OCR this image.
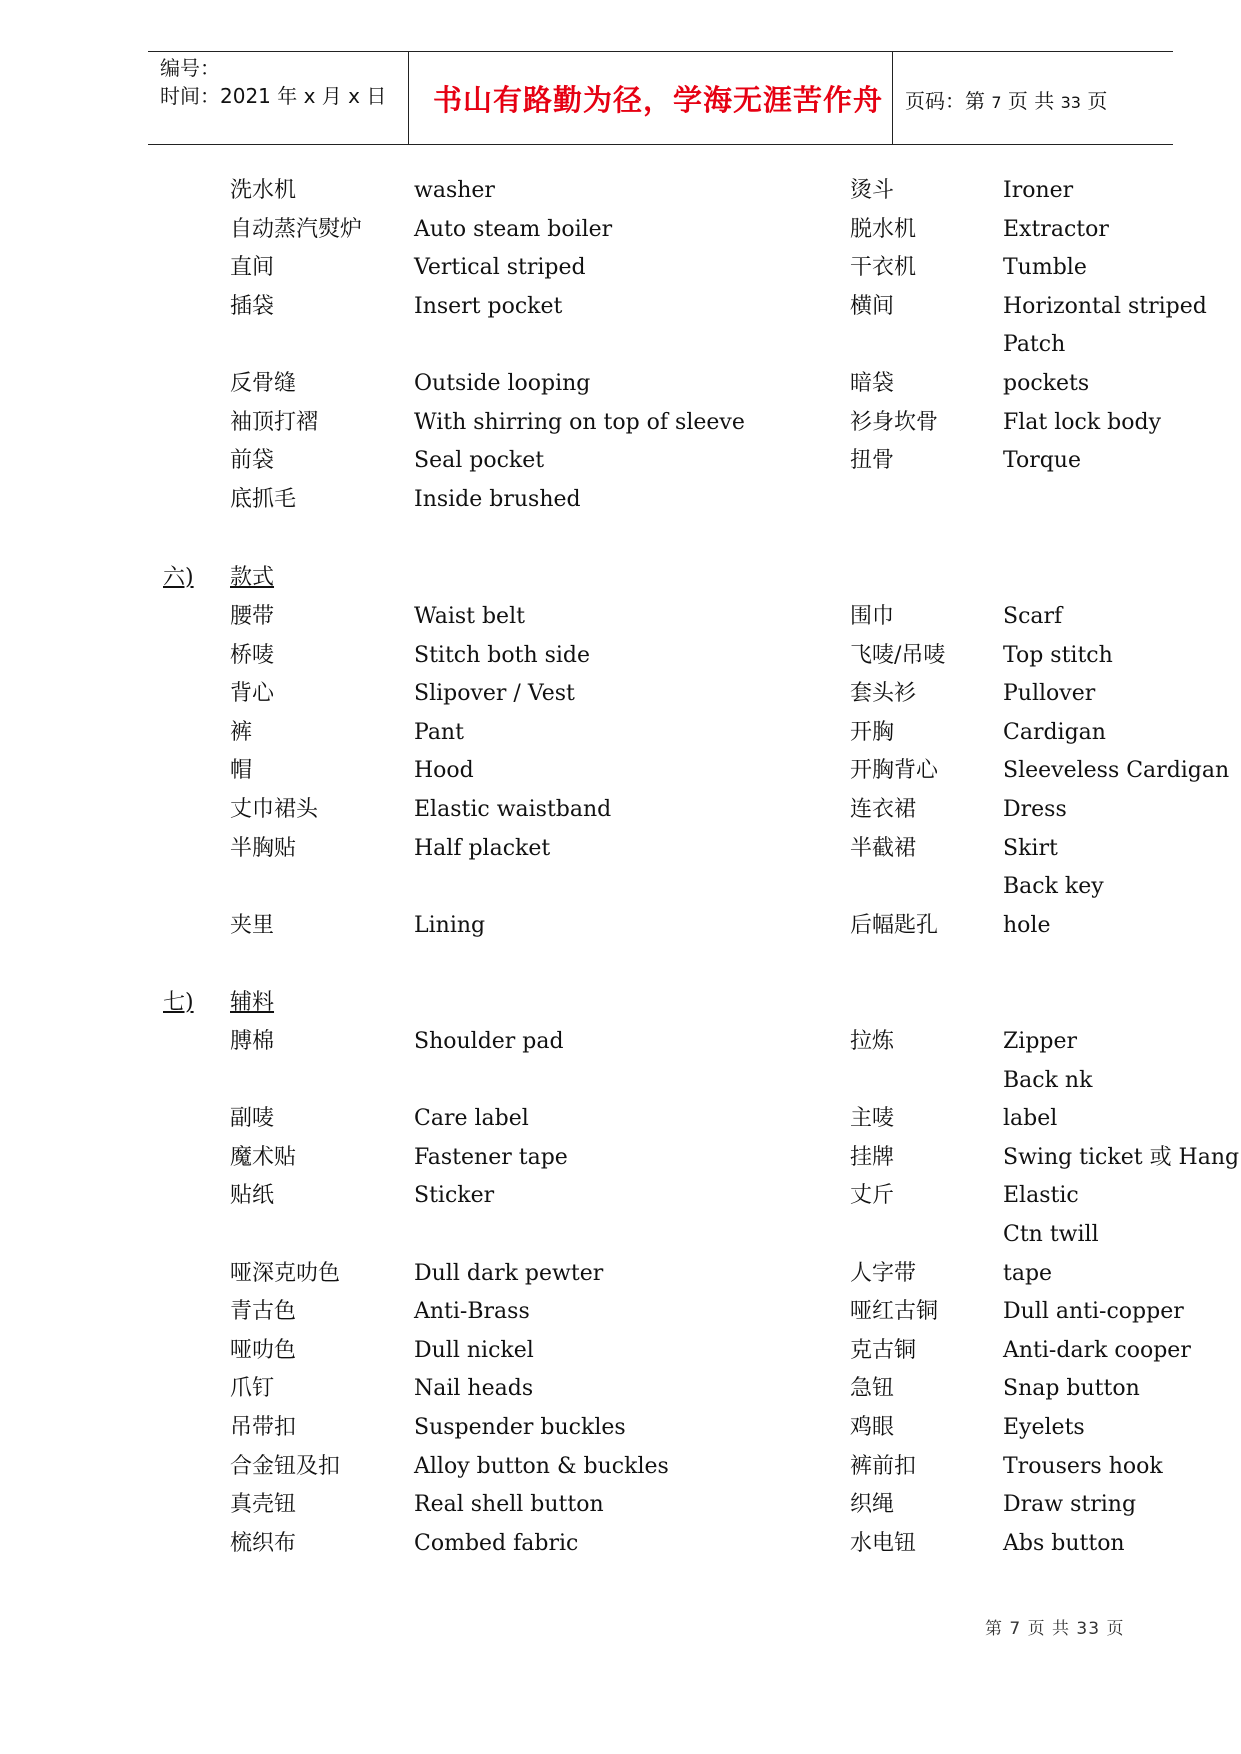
编号：
时间：2021 年 x 月 x 日 书山有路勤为径，学海无涯苦作舟 页码：第 7 页 共 33 页
洗水机	washer	烫斗	Ironer
自动蒸汽熨炉 Auto steam boiler	脱水机	Extractor
直间	Vertical striped	干衣机	Tumble
插袋	Insert pocket	横间	Horizontal striped
Patch
反骨缝	Outside looping	暗袋	pockets
袖顶打褶	With shirring on top of sleeve	衫身坎骨	Flat lock body
前袋	Seal pocket	扭骨	Torque
底抓毛	Inside brushed
六) 款式
腰带	Waist belt	围巾	Scarf
桥唛	Stitch both side	飞唛/吊唛	Top stitch
背心	Slipover / Vest	套头衫	Pullover
裤	Pant	开胸	Cardigan
帽	Hood	开胸背心	Sleeveless Cardigan
丈巾裙头	Elastic waistband	连衣裙	Dress
半胸贴	Half placket	半截裙	Skirt
Back key
夹里	Lining	后幅匙孔	hole
七) 辅料
膊棉	Shoulder pad	拉炼	Zipper
Back nk
副唛	Care label	主唛	label
魔术贴	Fastener tape	挂牌	Swing ticket 或 Hang
贴纸	Sticker	丈斤	Elastic
Ctn twill
哑深克叻色	Dull dark pewter	人字带	tape
青古色	Anti-Brass	哑红古铜	Dull anti-copper
哑叻色	Dull nickel	克古铜	Anti-dark cooper
爪钉	Nail heads	急钮	Snap button
吊带扣	Suspender buckles	鸡眼	Eyelets
合金钮及扣	Alloy button & buckles	裤前扣	Trousers hook
真壳钮	Real shell button	织绳	Draw string
梳织布	Combed fabric	水电钮	Abs button
第 7 页 共 33 页
